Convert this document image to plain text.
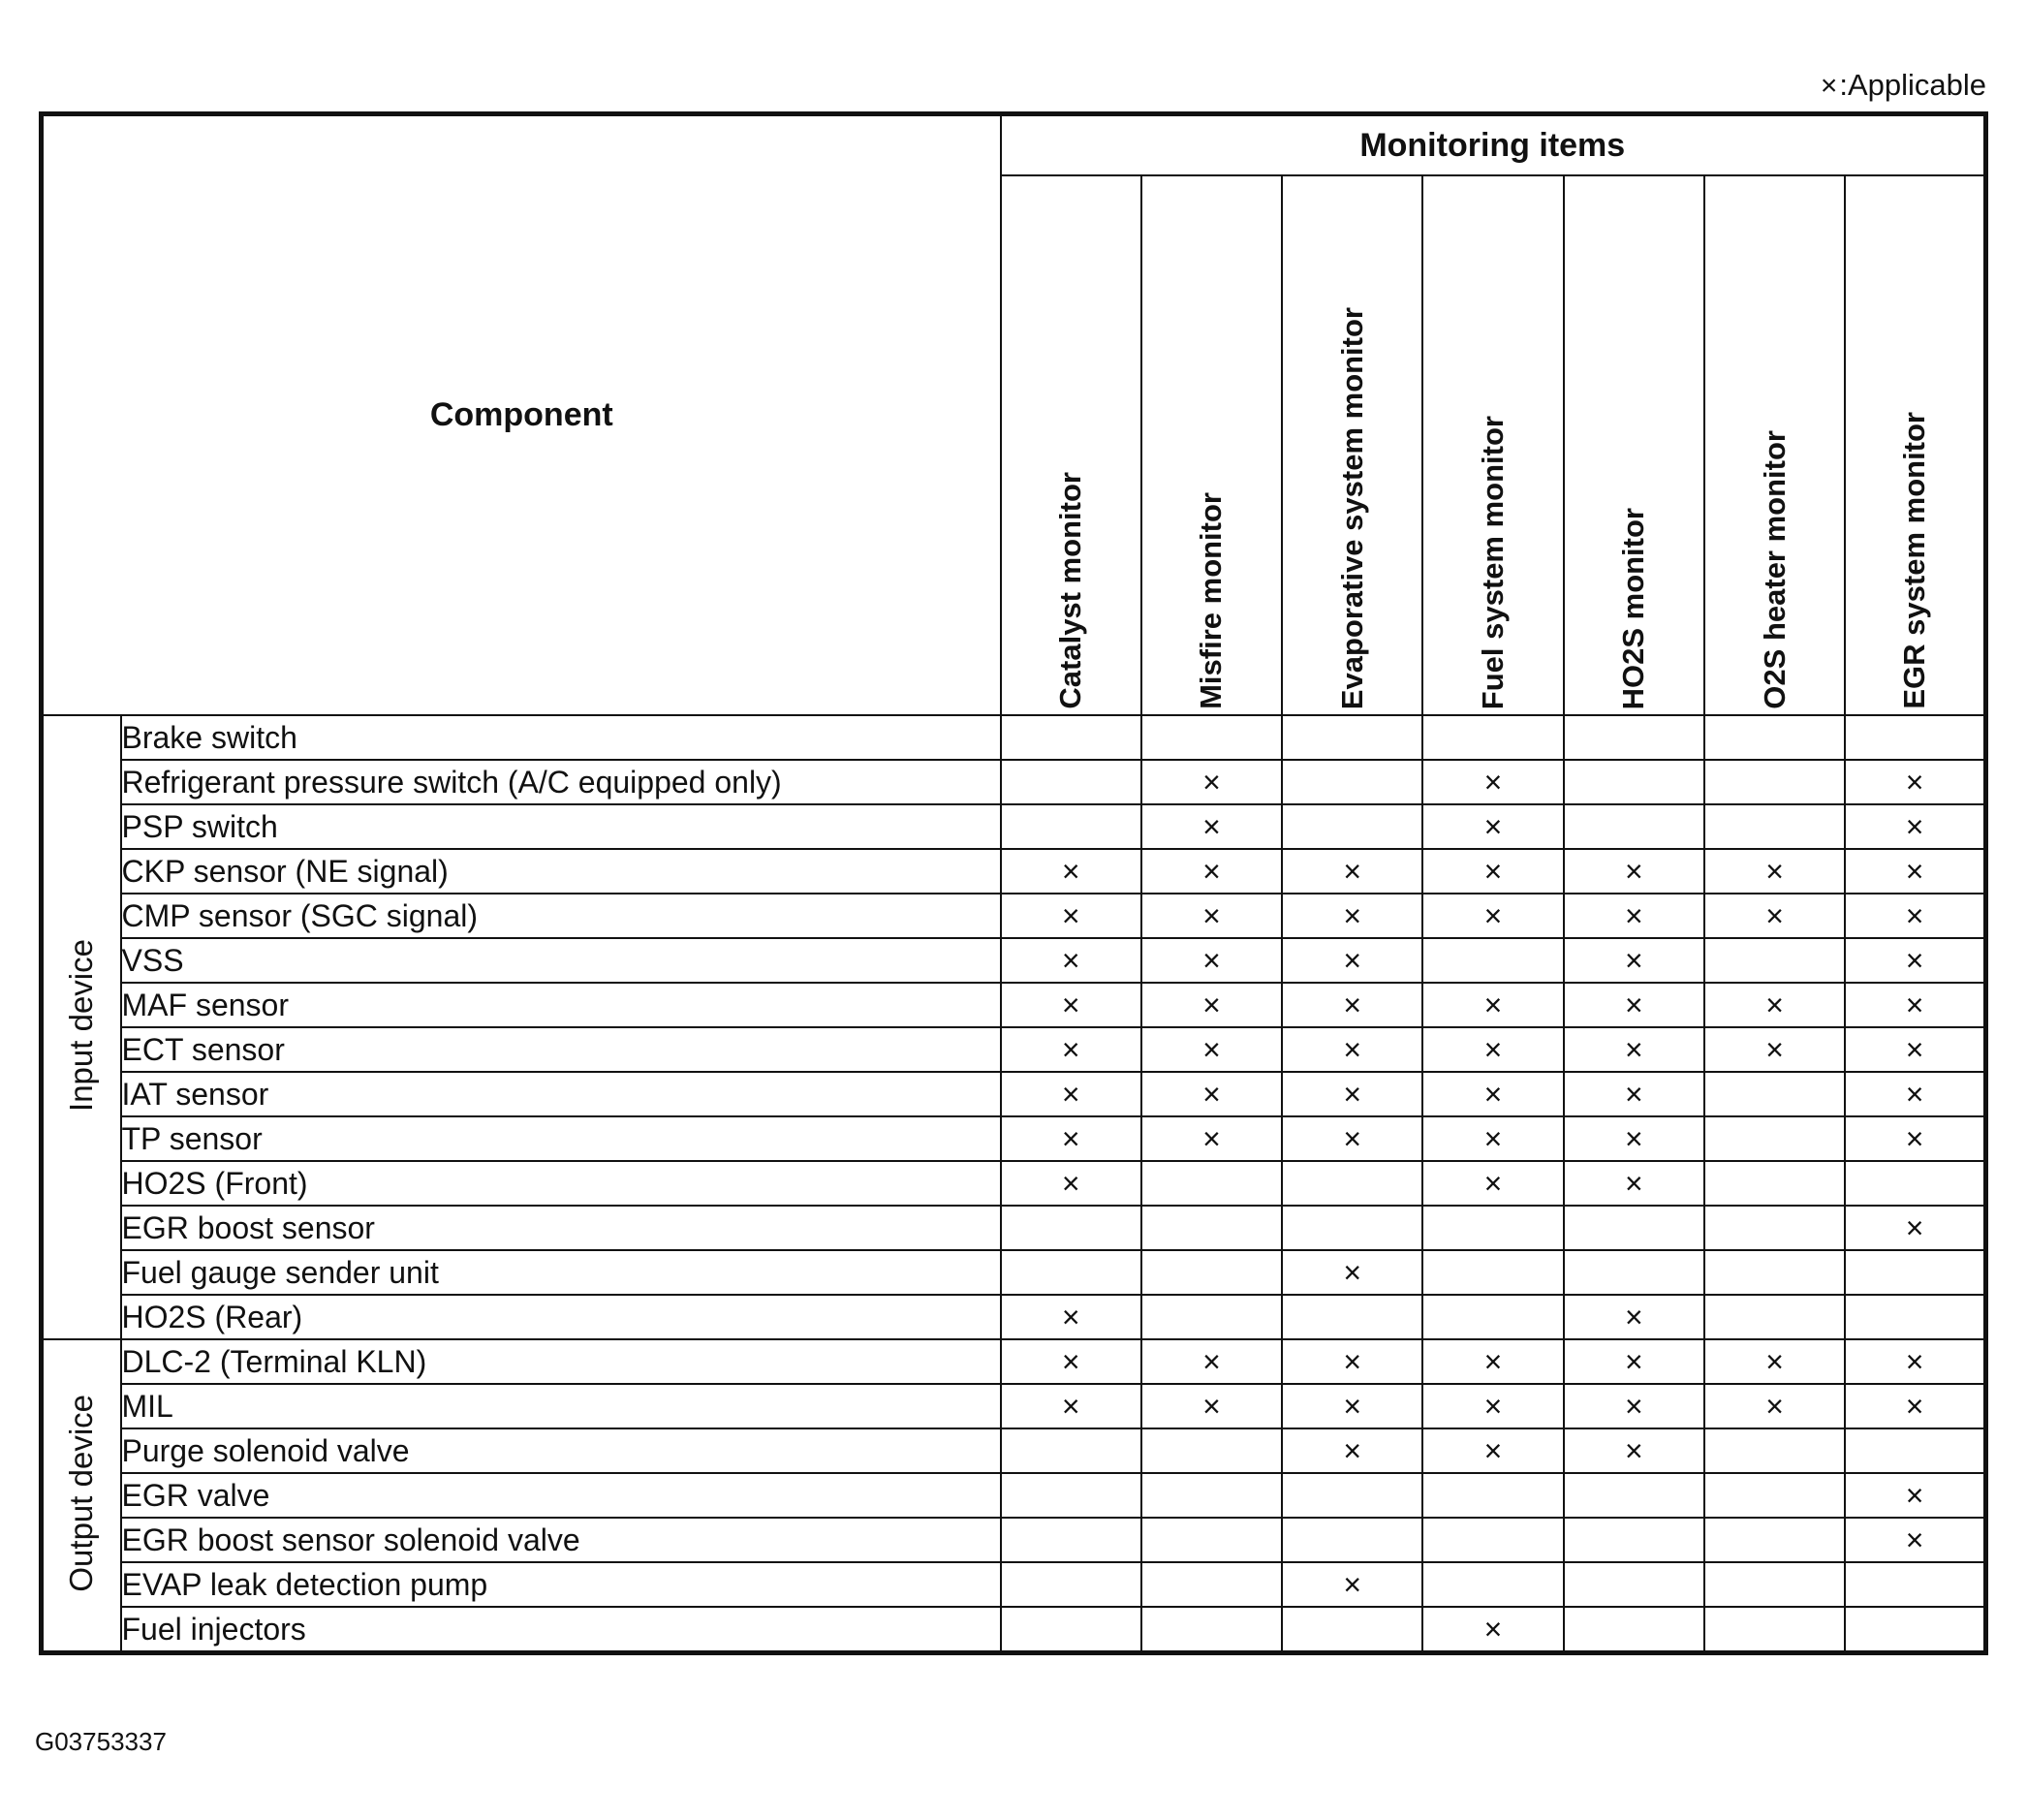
×:Applicable
Component		Monitoring items						
		Catalyst monitor	Misfire monitor	Evaporative system monitor	Fuel system monitor	HO2S monitor	O2S heater monitor	EGR system monitor
Input device	Brake switch							
	Refrigerant pressure switch (A/C equipped only)		×		×			×
	PSP switch		×		×			×
	CKP sensor (NE signal)	×	×	×	×	×	×	×
	CMP sensor (SGC signal)	×	×	×	×	×	×	×
	VSS	×	×	×		×		×
	MAF sensor	×	×	×	×	×	×	×
	ECT sensor	×	×	×	×	×	×	×
	IAT sensor	×	×	×	×	×		×
	TP sensor	×	×	×	×	×		×
	HO2S (Front)	×			×	×		
	EGR boost sensor							×
	Fuel gauge sender unit			×				
	HO2S (Rear)	×				×		
Output device	DLC-2 (Terminal KLN)	×	×	×	×	×	×	×
	MIL	×	×	×	×	×	×	×
	Purge solenoid valve			×	×	×		
	EGR valve							×
	EGR boost sensor solenoid valve							×
	EVAP leak detection pump			×				
	Fuel injectors				×			
G03753337
